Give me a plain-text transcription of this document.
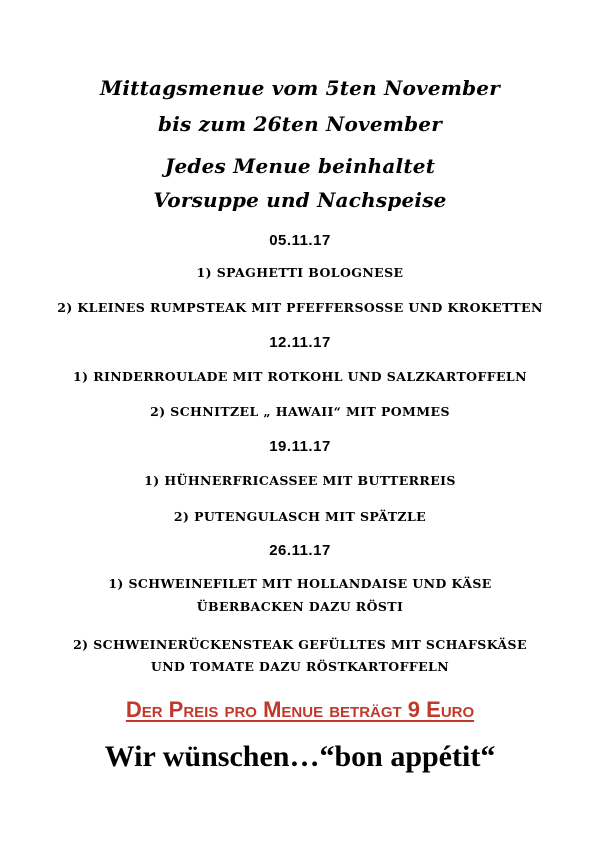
Mittagsmenue vom 5ten November
bis zum 26ten November
Jedes Menue beinhaltet
Vorsuppe und Nachspeise
05.11.17
1) SPAGHETTI BOLOGNESE
2) KLEINES RUMPSTEAK MIT PFEFFERSOSSE UND KROKETTEN
12.11.17
1) RINDERROULADE MIT ROTKOHL UND SALZKARTOFFELN
2) SCHNITZEL „ HAWAII“ MIT POMMES
19.11.17
1) HÜHNERFRICASSEE MIT BUTTERREIS
2) PUTENGULASCH MIT SPÄTZLE
26.11.17
1) SCHWEINEFILET MIT HOLLANDAISE UND KÄSE
ÜBERBACKEN DAZU RÖSTI
2) SCHWEINERÜCKENSTEAK GEFÜLLTES MIT SCHAFSKÄSE
UND TOMATE DAZU RÖSTKARTOFFELN
Der Preis pro Menue beträgt 9 Euro
Wir wünschen…“bon appétit“
